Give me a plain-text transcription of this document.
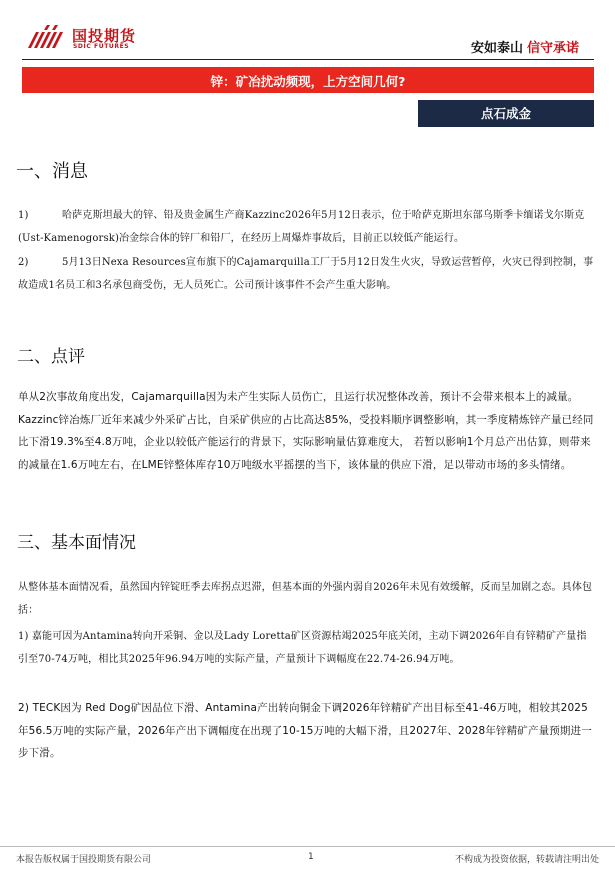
国投期货
SDIC FUTURES	安如泰山 信守承诺
锌：矿冶扰动频现，上方空间几何?
点石成金
一、消息
1)	哈萨克斯坦最大的锌、铅及贵金属生产商Kazzinc2026年5月12日表示，位于哈萨克斯坦东部乌斯季卡缅诺戈尔斯克(Ust-Kamenogorsk)冶金综合体的锌厂和铅厂，在经历上周爆炸事故后，目前正以较低产能运行。
2)	5月13日Nexa Resources宣布旗下的Cajamarquilla工厂于5月12日发生火灾，导致运营暂停，火灾已得到控制，事故造成1名员工和3名承包商受伤，无人员死亡。公司预计该事件不会产生重大影响。
二、点评
单从2次事故角度出发，Cajamarquilla因为未产生实际人员伤亡，且运行状况整体改善，预计不会带来根本上的减量。Kazzinc锌冶炼厂近年来减少外采矿占比，自采矿供应的占比高达85%，受投料顺序调整影响，其一季度精炼锌产量已经同比下滑19.3%至4.8万吨，企业以较低产能运行的背景下，实际影响量估算难度大， 若暂以影响1个月总产出估算，则带来的减量在1.6万吨左右，在LME锌整体库存10万吨级水平摇摆的当下，该体量的供应下滑，足以带动市场的多头情绪。
三、基本面情况
从整体基本面情况看，虽然国内锌锭旺季去库拐点迟滞，但基本面的外强内弱自2026年未见有效缓解，反而呈加剧之态。具体包括：
1) 嘉能可因为Antamina转向开采铜、金以及Lady Loretta矿区资源枯竭2025年底关闭，主动下调2026年自有锌精矿产量指引至70-74万吨，相比其2025年96.94万吨的实际产量，产量预计下调幅度在22.74-26.94万吨。
2) TECK因为 Red Dog矿因品位下滑、Antamina产出转向铜金下调2026年锌精矿产出目标至41-46万吨，相较其2025年56.5万吨的实际产量，2026年产出下调幅度在出现了10-15万吨的大幅下滑，且2027年、2028年锌精矿产量预期进一步下滑。
本报告版权属于国投期货有限公司	1	不构成为投资依据，转载请注明出处
